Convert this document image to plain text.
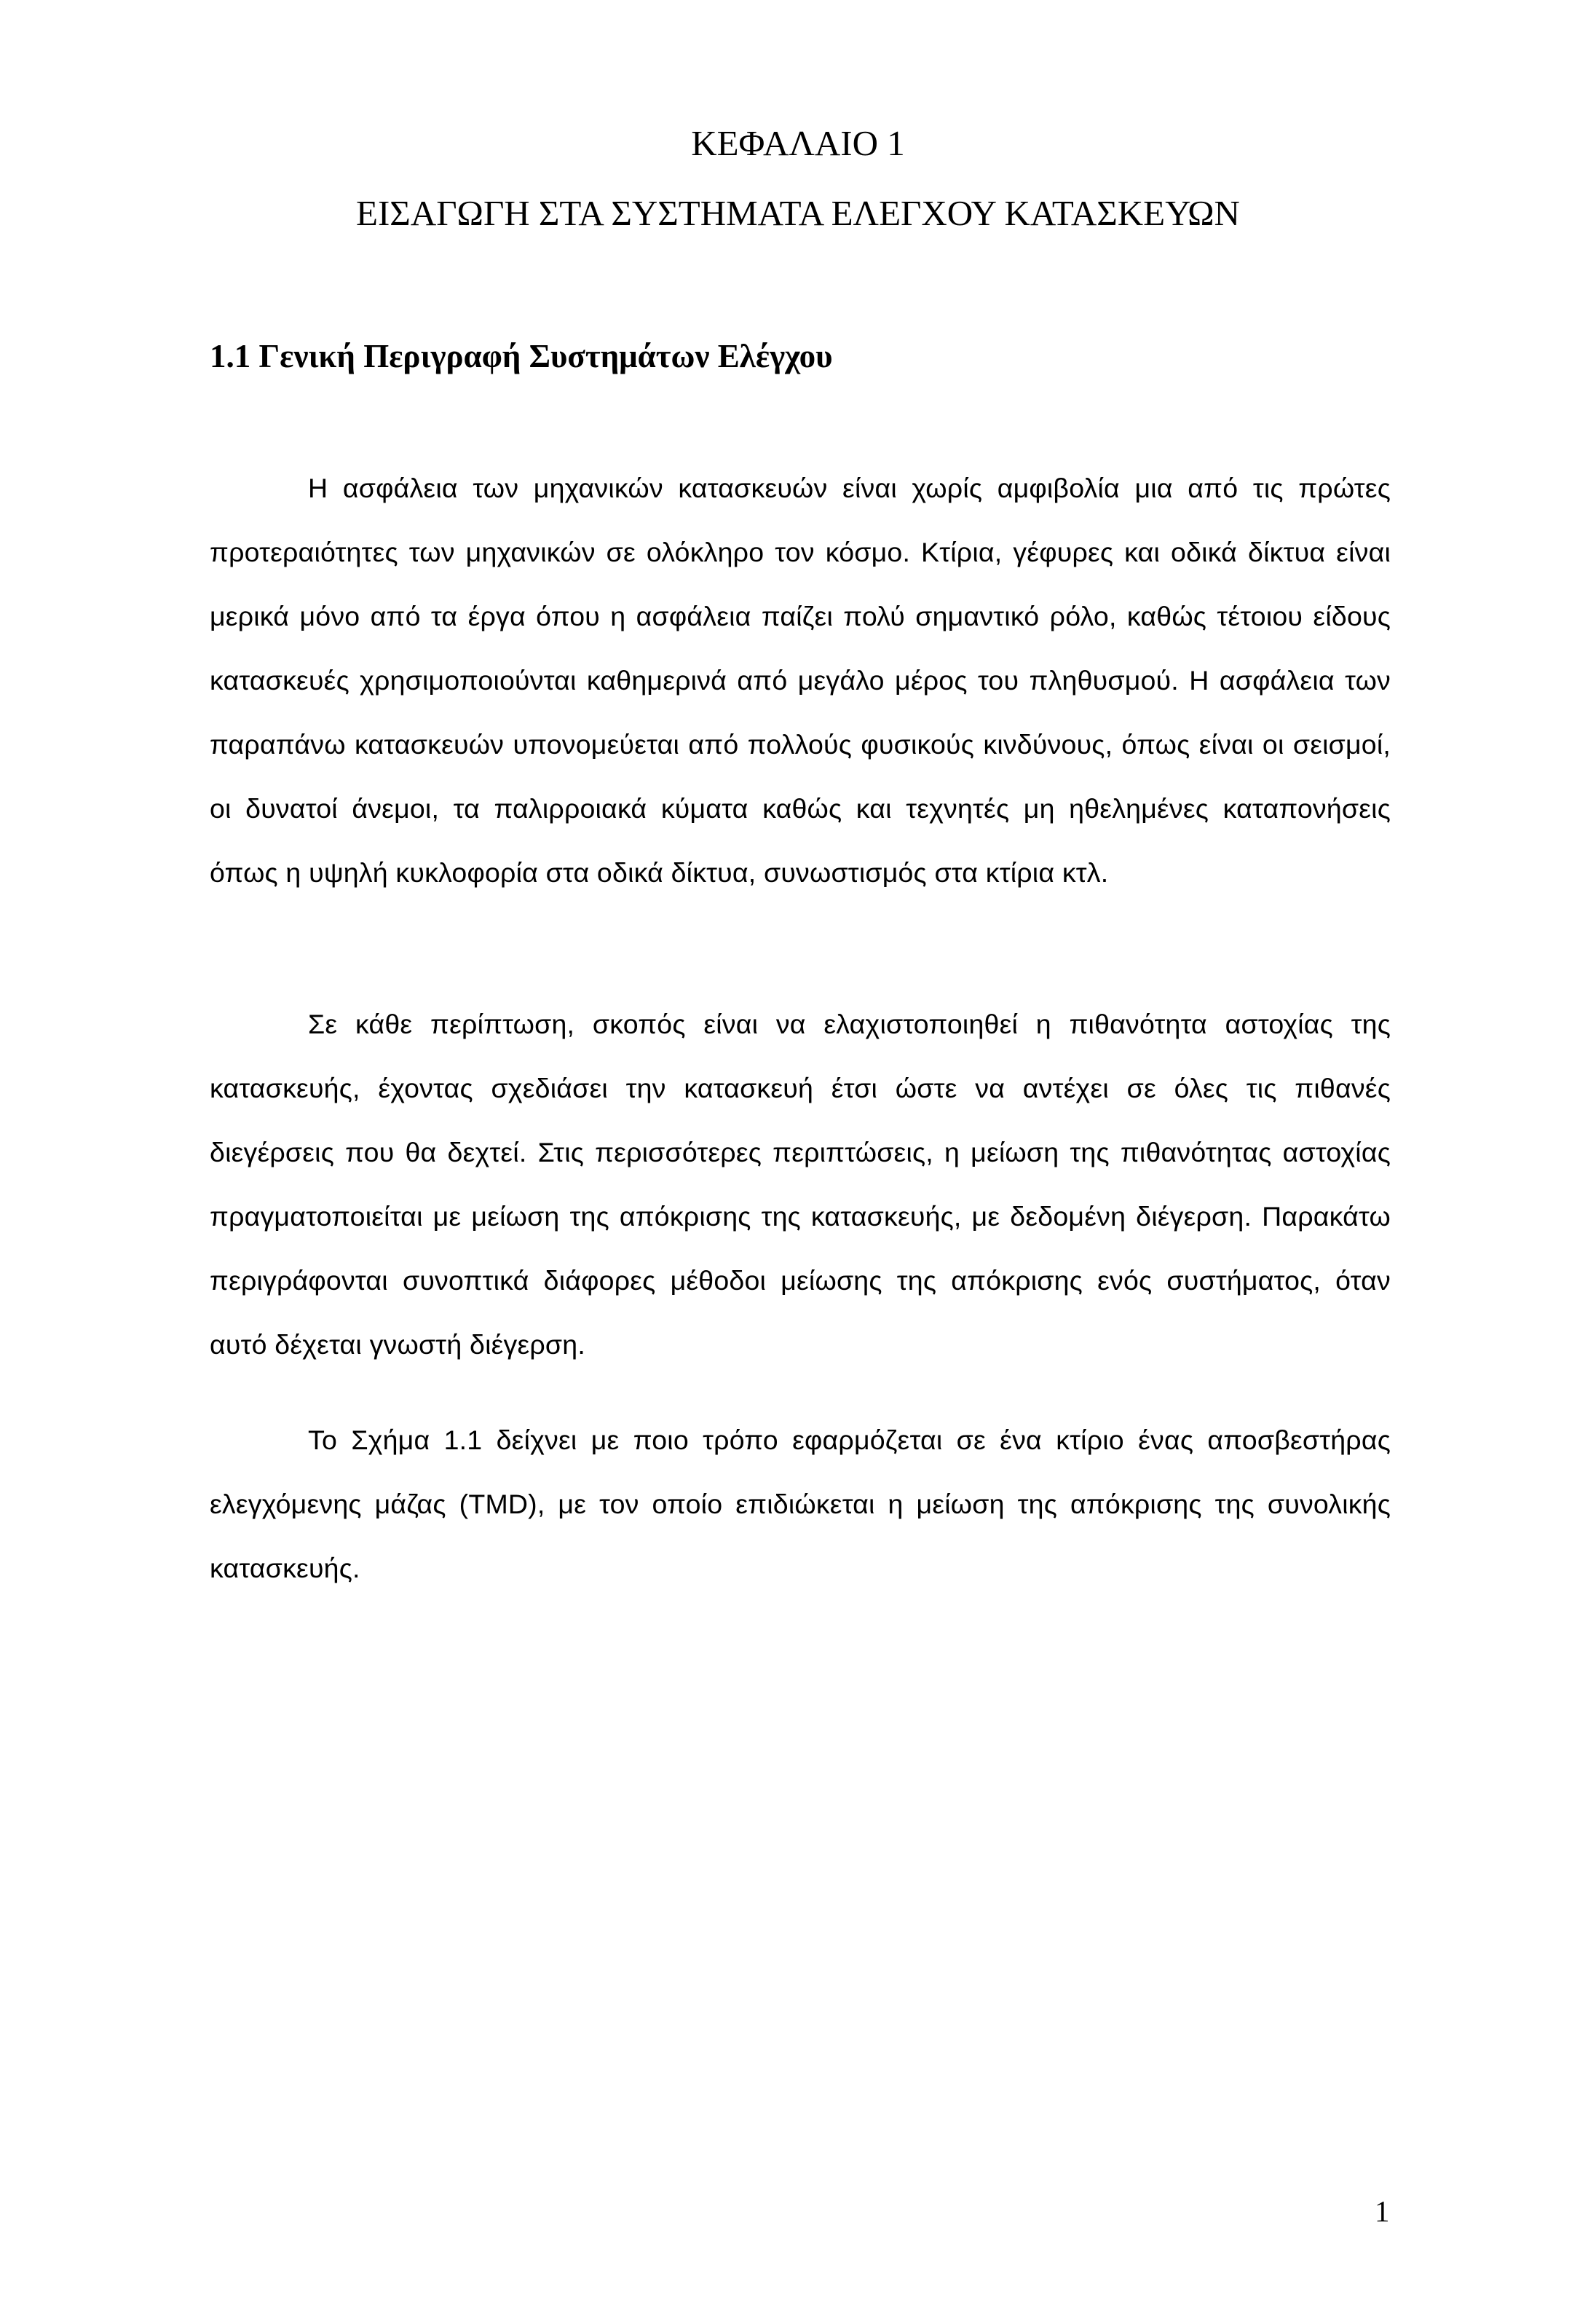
ΚΕΦΑΛΑΙΟ 1
ΕΙΣΑΓΩΓΗ ΣΤΑ ΣΥΣΤΗΜΑΤΑ ΕΛΕΓΧΟΥ ΚΑΤΑΣΚΕΥΩΝ
1.1 Γενική Περιγραφή Συστημάτων Ελέγχου

Η ασφάλεια των μηχανικών κατασκευών είναι χωρίς αμφιβολία μια από τις πρώτες προτεραιότητες των μηχανικών σε ολόκληρο τον κόσμο. Κτίρια, γέφυρες και οδικά δίκτυα είναι μερικά μόνο από τα έργα όπου η ασφάλεια παίζει πολύ σημαντικό ρόλο, καθώς τέτοιου είδους κατασκευές χρησιμοποιούνται καθημερινά από μεγάλο μέρος του πληθυσμού. Η ασφάλεια των παραπάνω κατασκευών υπονομεύεται από πολλούς φυσικούς κινδύνους, όπως είναι οι σεισμοί, οι δυνατοί άνεμοι, τα παλιρροιακά κύματα καθώς και τεχνητές μη ηθελημένες καταπονήσεις όπως η υψηλή κυκλοφορία στα οδικά δίκτυα, συνωστισμός στα κτίρια κτλ.

Σε κάθε περίπτωση, σκοπός είναι να ελαχιστοποιηθεί η πιθανότητα αστοχίας της κατασκευής, έχοντας σχεδιάσει την κατασκευή έτσι ώστε να αντέχει σε όλες τις πιθανές διεγέρσεις που θα δεχτεί. Στις περισσότερες περιπτώσεις, η μείωση της πιθανότητας αστοχίας πραγματοποιείται με μείωση της απόκρισης της κατασκευής, με δεδομένη διέγερση. Παρακάτω περιγράφονται συνοπτικά διάφορες μέθοδοι μείωσης της απόκρισης ενός συστήματος, όταν αυτό δέχεται γνωστή διέγερση.

Το Σχήμα 1.1 δείχνει με ποιο τρόπο εφαρμόζεται σε ένα κτίριο ένας αποσβεστήρας ελεγχόμενης μάζας (TMD), με τον οποίο επιδιώκεται η μείωση της απόκρισης της συνολικής κατασκευής.

1
